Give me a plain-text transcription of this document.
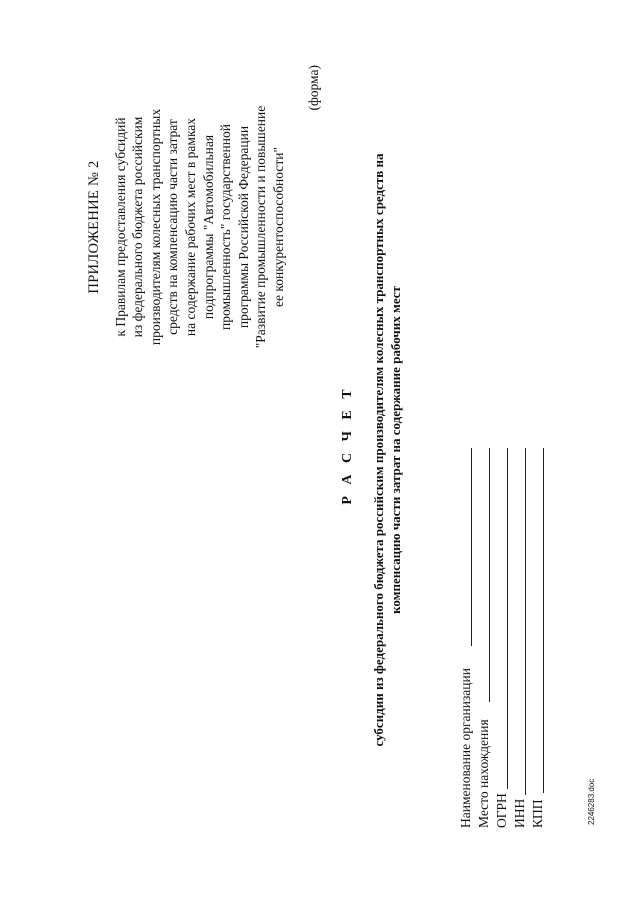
ПРИЛОЖЕНИЕ № 2 к Правилам предоставления субсидий из федерального бюджета российским производителям колесных транспортных средств на компенсацию части затрат на содержание рабочих мест в рамках подпрограммы "Автомобильная промышленность" государственной программы Российской Федерации "Развитие промышленности и повышение ее конкурентоспособности"
(форма)
Р А С Ч Е Т субсидии из федерального бюджета российским производителям колесных транспортных средств на компенсацию части затрат на содержание рабочих мест
Наименование организации Место нахождения ОГРН ИНН КПП	2246283.doc
